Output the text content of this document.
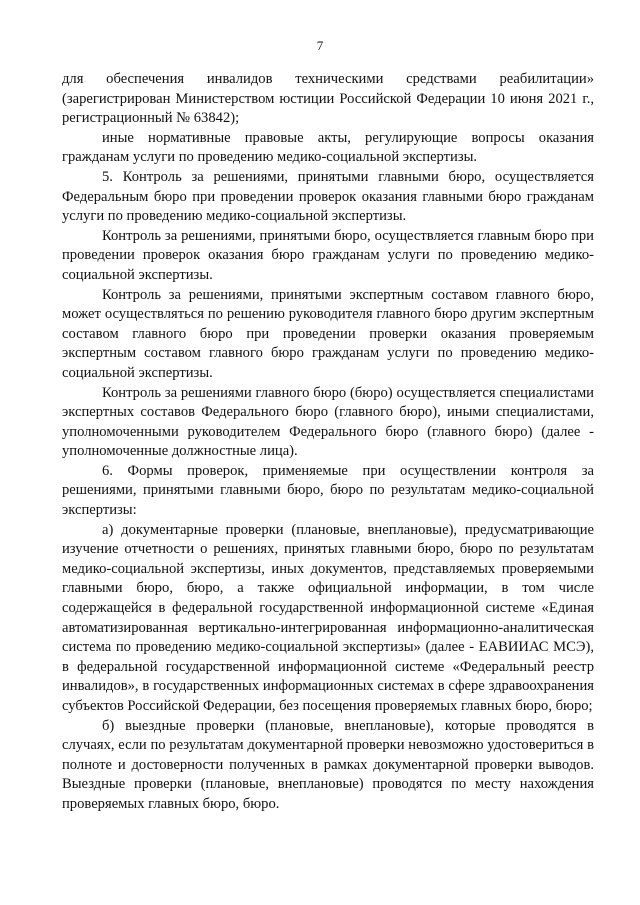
7

для обеспечения инвалидов техническими средствами реабилитации» (зарегистрирован Министерством юстиции Российской Федерации 10 июня 2021 г., регистрационный № 63842);

иные нормативные правовые акты, регулирующие вопросы оказания гражданам услуги по проведению медико-социальной экспертизы.

5. Контроль за решениями, принятыми главными бюро, осуществляется Федеральным бюро при проведении проверок оказания главными бюро гражданам услуги по проведению медико-социальной экспертизы.

Контроль за решениями, принятыми бюро, осуществляется главным бюро при проведении проверок оказания бюро гражданам услуги по проведению медико-социальной экспертизы.

Контроль за решениями, принятыми экспертным составом главного бюро, может осуществляться по решению руководителя главного бюро другим экспертным составом главного бюро при проведении проверки оказания проверяемым экспертным составом главного бюро гражданам услуги по проведению медико-социальной экспертизы.

Контроль за решениями главного бюро (бюро) осуществляется специалистами экспертных составов Федерального бюро (главного бюро), иными специалистами, уполномоченными руководителем Федерального бюро (главного бюро) (далее - уполномоченные должностные лица).

6. Формы проверок, применяемые при осуществлении контроля за решениями, принятыми главными бюро, бюро по результатам медико-социальной экспертизы:

а) документарные проверки (плановые, внеплановые), предусматривающие изучение отчетности о решениях, принятых главными бюро, бюро по результатам медико-социальной экспертизы, иных документов, представляемых проверяемыми главными бюро, бюро, а также официальной информации, в том числе содержащейся в федеральной государственной информационной системе «Единая автоматизированная вертикально-интегрированная информационно-аналитическая система по проведению медико-социальной экспертизы» (далее - ЕАВИИАС МСЭ), в федеральной государственной информационной системе «Федеральный реестр инвалидов», в государственных информационных системах в сфере здравоохранения субъектов Российской Федерации, без посещения проверяемых главных бюро, бюро;

б) выездные проверки (плановые, внеплановые), которые проводятся в случаях, если по результатам документарной проверки невозможно удостовериться в полноте и достоверности полученных в рамках документарной проверки выводов. Выездные проверки (плановые, внеплановые) проводятся по месту нахождения проверяемых главных бюро, бюро.
